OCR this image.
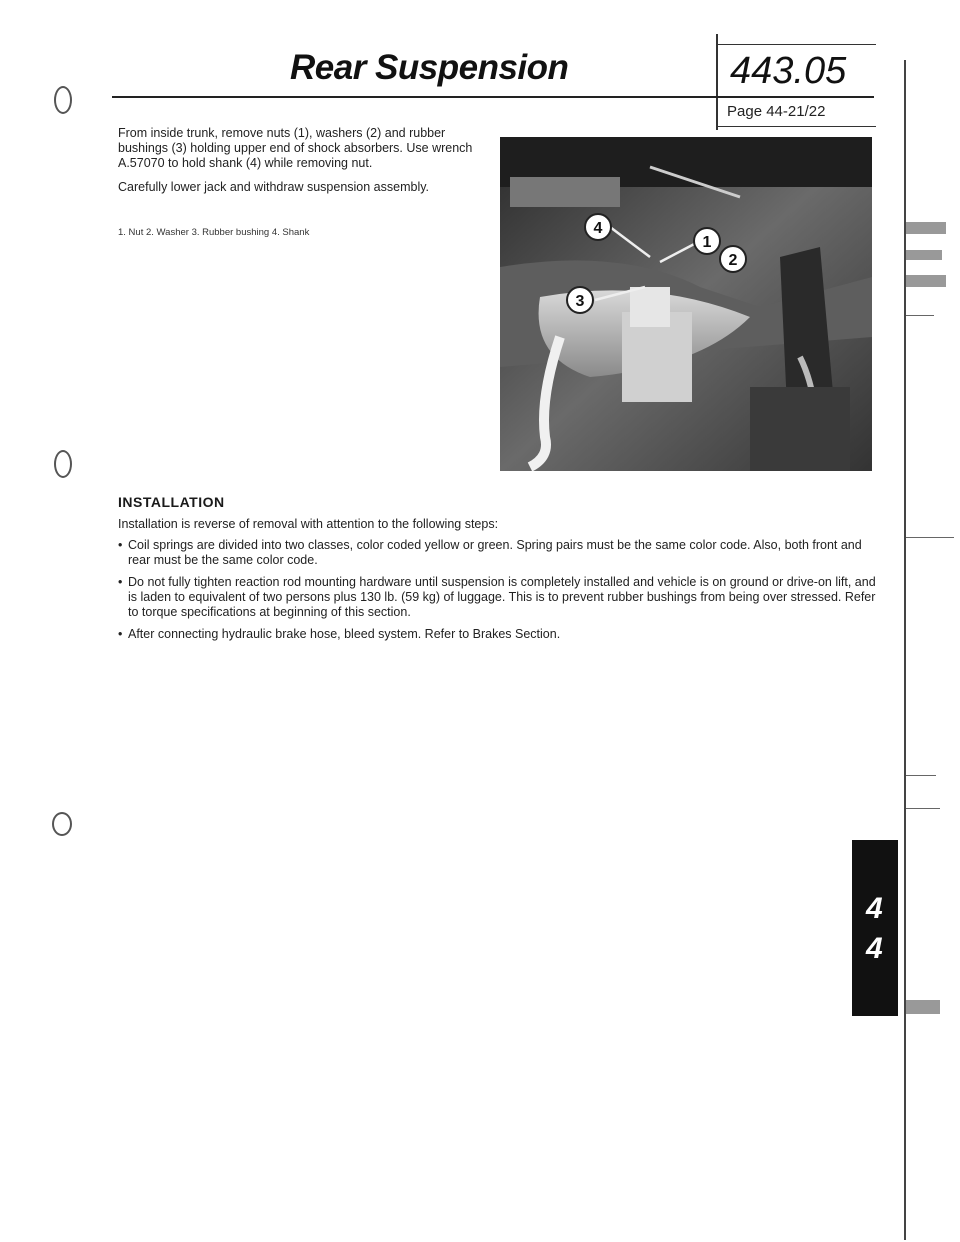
Rear Suspension	443.05
Page 44-21/22
From inside trunk, remove nuts (1), washers (2) and rubber bushings (3) holding upper end of shock absorbers. Use wrench A.57070 to hold shank (4) while removing nut.
Carefully lower jack and withdraw suspension assembly.
1. Nut 2. Washer 3. Rubber bushing 4. Shank	4
1
2
3
INSTALLATION
Installation is reverse of removal with attention to the following steps:
• Coil springs are divided into two classes, color coded yellow or green. Spring pairs must be the same color code. Also, both front and rear must be the same color code.
• Do not fully tighten reaction rod mounting hardware until suspension is completely installed and vehicle is on ground or drive-on lift, and is laden to equivalent of two persons plus 130 lb. (59 kg) of luggage. This is to prevent rubber bushings from being over stressed. Refer to torque specifications at beginning of this section.
• After connecting hydraulic brake hose, bleed system. Refer to Brakes Section.
4
4
